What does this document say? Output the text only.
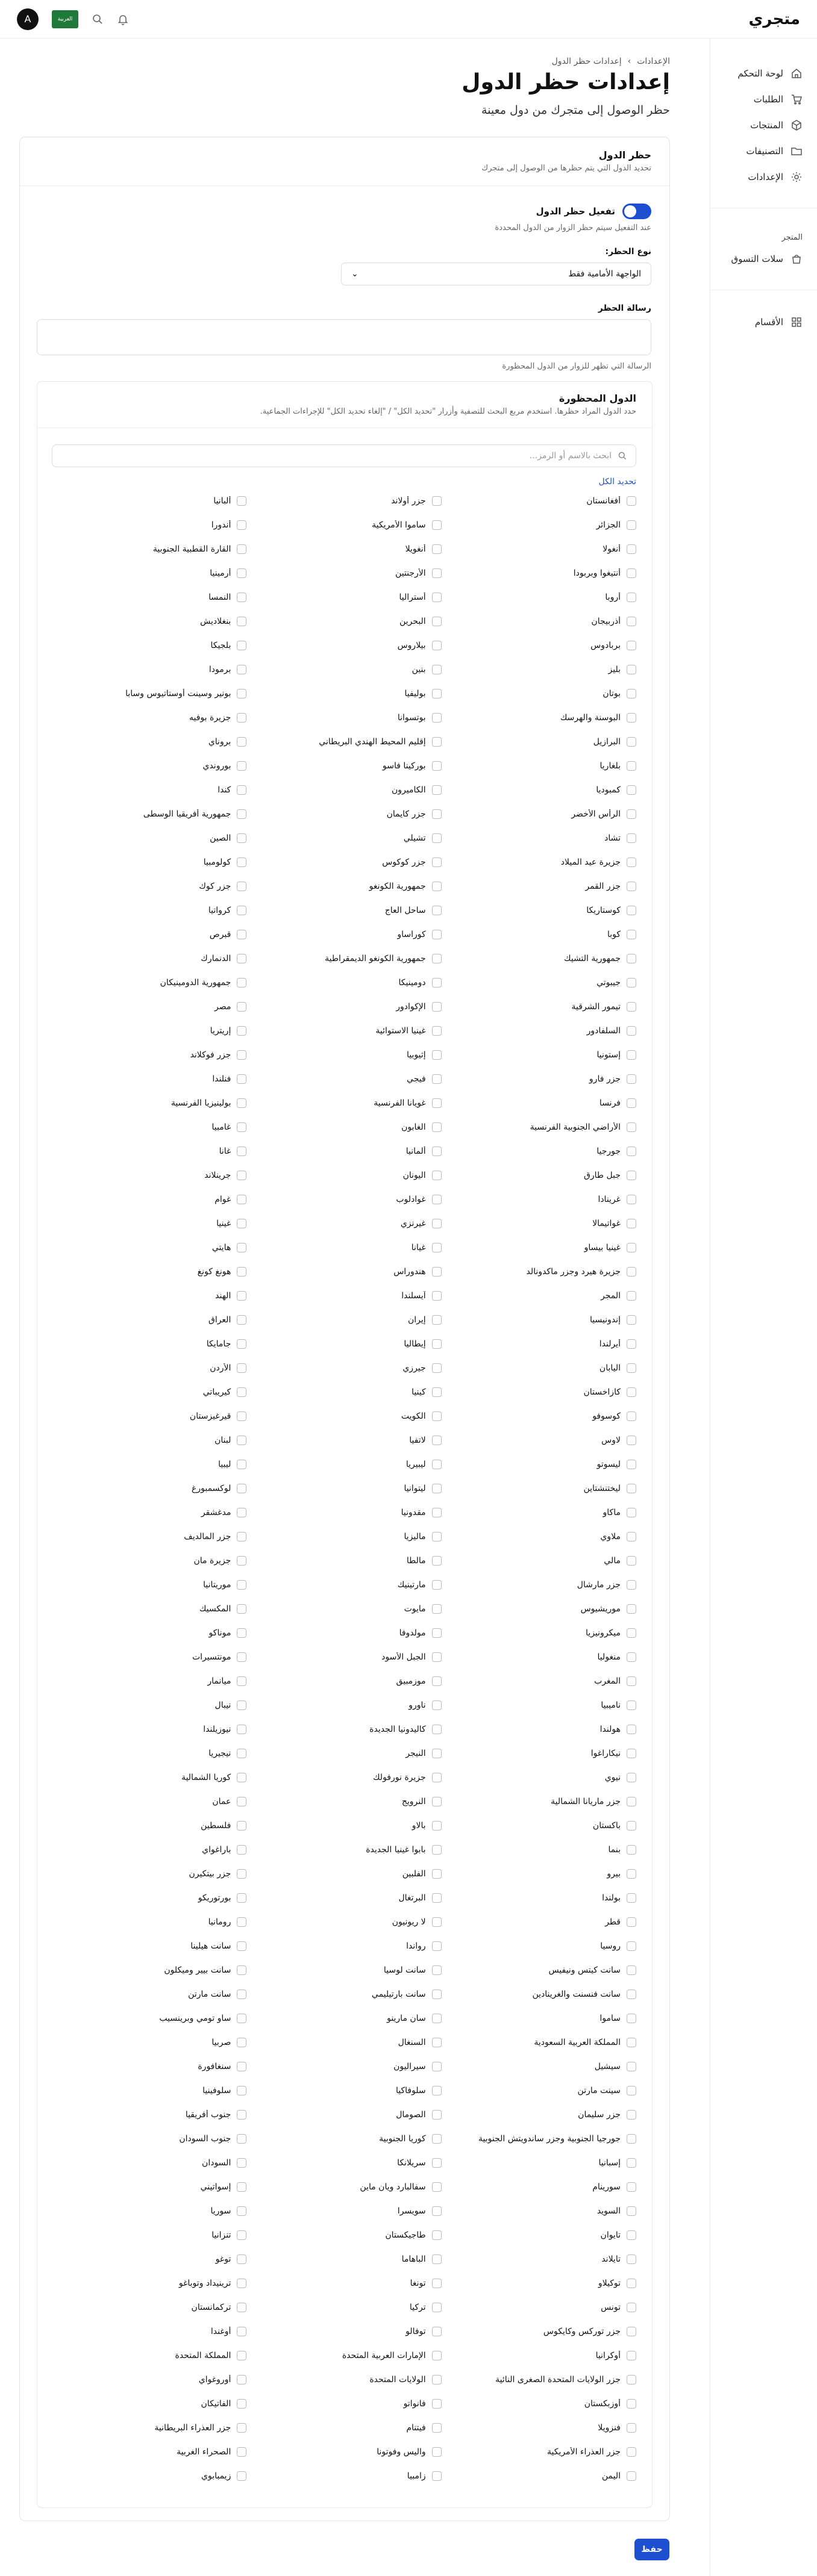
متجري
A	العربية
لوحة التحكم
الطلبات
المنتجات
التصنيفات
الإعدادات
المتجر
سلات التسوق
الأقسام
الإعدادات
›
إعدادات حظر الدول
إعدادات حظر الدول
حظر الوصول إلى متجرك من دول معينة
حظر الدول
تحديد الدول التي يتم حظرها من الوصول إلى متجرك
تفعيل حظر الدول
عند التفعيل سيتم حظر الزوار من الدول المحددة
نوع الحظر:
الواجهة الأمامية فقط
⌄
رسالة الحظر
الرسالة التي تظهر للزوار من الدول المحظورة
الدول المحظورة
حدد الدول المراد حظرها. استخدم مربع البحث للتصفية وأزرار "تحديد الكل" / "إلغاء تحديد الكل" للإجراءات الجماعية.
ابحث بالاسم أو الرمز...
تحديد الكل
أفغانستان
جزر أولاند
ألبانيا
الجزائر
ساموا الأمريكية
أندورا
أنغولا
أنغويلا
القارة القطبية الجنوبية
أنتيغوا وبربودا
الأرجنتين
أرمينيا
أروبا
أستراليا
النمسا
أذربيجان
البحرين
بنغلاديش
بربادوس
بيلاروس
بلجيكا
بليز
بنين
برمودا
بوتان
بوليفيا
بونير وسينت أوستاتيوس وسابا
البوسنة والهرسك
بوتسوانا
جزيرة بوفيه
البرازيل
إقليم المحيط الهندي البريطاني
بروناي
بلغاريا
بوركينا فاسو
بوروندي
كمبوديا
الكاميرون
كندا
الرأس الأخضر
جزر كايمان
جمهورية أفريقيا الوسطى
تشاد
تشيلي
الصين
جزيرة عيد الميلاد
جزر كوكوس
كولومبيا
جزر القمر
جمهورية الكونغو
جزر كوك
كوستاريكا
ساحل العاج
كرواتيا
كوبا
كوراساو
قبرص
جمهورية التشيك
جمهورية الكونغو الديمقراطية
الدنمارك
جيبوتي
دومينيكا
جمهورية الدومينيكان
تيمور الشرقية
الإكوادور
مصر
السلفادور
غينيا الاستوائية
إريتريا
إستونيا
إثيوبيا
جزر فوكلاند
جزر فارو
فيجي
فنلندا
فرنسا
غويانا الفرنسية
بولينيزيا الفرنسية
الأراضي الجنوبية الفرنسية
الغابون
غامبيا
جورجيا
ألمانيا
غانا
جبل طارق
اليونان
جرينلاند
غرينادا
غوادلوب
غوام
غواتيمالا
غيرنزي
غينيا
غينيا بيساو
غيانا
هايتي
جزيرة هيرد وجزر ماكدونالد
هندوراس
هونغ كونغ
المجر
آيسلندا
الهند
إندونيسيا
إيران
العراق
أيرلندا
إيطاليا
جامايكا
اليابان
جيرزي
الأردن
كازاخستان
كينيا
كيريباتي
كوسوفو
الكويت
قيرغيزستان
لاوس
لاتفيا
لبنان
ليسوتو
ليبيريا
ليبيا
ليختنشتاين
ليتوانيا
لوكسمبورغ
ماكاو
مقدونيا
مدغشقر
ملاوي
ماليزيا
جزر المالديف
مالي
مالطا
جزيرة مان
جزر مارشال
مارتينيك
موريتانيا
موريشيوس
مايوت
المكسيك
ميكرونيزيا
مولدوفا
موناكو
منغوليا
الجبل الأسود
مونتسيرات
المغرب
موزمبيق
ميانمار
ناميبيا
ناورو
نيبال
هولندا
كاليدونيا الجديدة
نيوزيلندا
نيكاراغوا
النيجر
نيجيريا
نيوي
جزيرة نورفولك
كوريا الشمالية
جزر ماريانا الشمالية
النرويج
عمان
باكستان
بالاو
فلسطين
بنما
بابوا غينيا الجديدة
باراغواي
بيرو
الفلبين
جزر بيتكيرن
بولندا
البرتغال
بورتوريكو
قطر
لا ريونيون
رومانيا
روسيا
رواندا
سانت هيلينا
سانت كيتس ونيفيس
سانت لوسيا
سانت بيير وميكلون
سانت فنسنت والغرينادين
سانت بارتيليمي
سانت مارتن
ساموا
سان مارينو
ساو تومي وبرينسيب
المملكة العربية السعودية
السنغال
صربيا
سيشيل
سيراليون
سنغافورة
سينت مارتن
سلوفاكيا
سلوفينيا
جزر سليمان
الصومال
جنوب أفريقيا
جورجيا الجنوبية وجزر ساندويتش الجنوبية
كوريا الجنوبية
جنوب السودان
إسبانيا
سريلانكا
السودان
سورينام
سفالبارد ويان ماين
إسواتيني
السويد
سويسرا
سوريا
تايوان
طاجيكستان
تنزانيا
تايلاند
الباهاما
توغو
توكيلاو
تونغا
ترينيداد وتوباغو
تونس
تركيا
تركمانستان
جزر توركس وكايكوس
توفالو
أوغندا
أوكرانيا
الإمارات العربية المتحدة
المملكة المتحدة
جزر الولايات المتحدة الصغرى النائية
الولايات المتحدة
أوروغواي
أوزبكستان
فانواتو
الفاتيكان
فنزويلا
فيتنام
جزر العذراء البريطانية
جزر العذراء الأمريكية
واليس وفوتونا
الصحراء الغربية
اليمن
زامبيا
زيمبابوي
حفظ
